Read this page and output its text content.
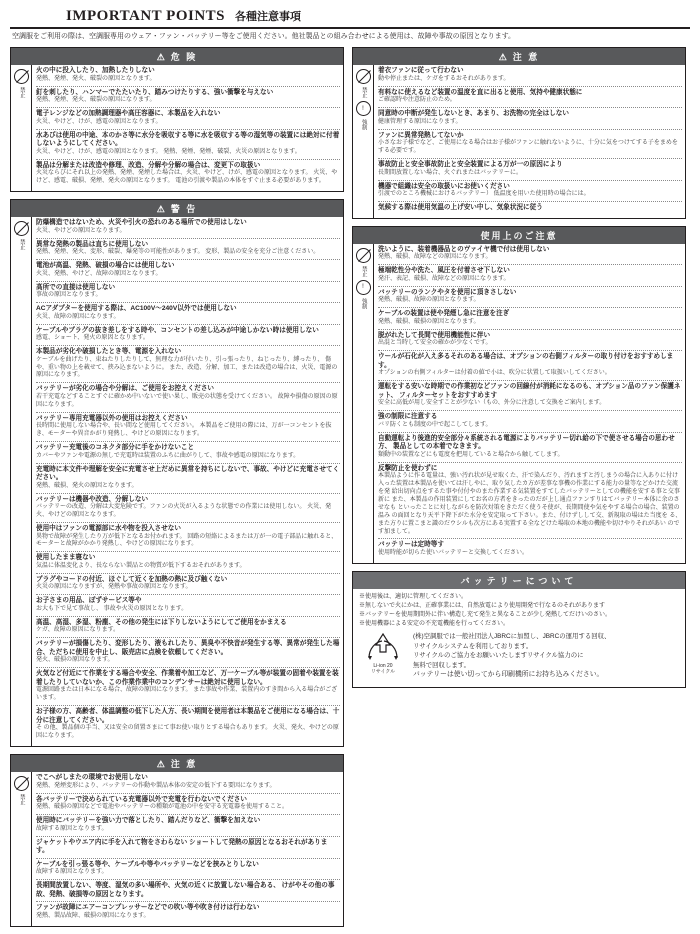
IMPORTANT POINTS 各種注意事項
空調服をご利用の際は、空調服専用のウェア・ファン・バッテリー等をご使用ください。他社製品との組み合わせによる使用は、故障や事故の原因となります。
⚠ 危 険
禁止
火の中に投入したり、加熱したりしない
発熱、発煙、発火、破裂の原因となります。
釘を刺したり、ハンマーでたたいたり、踏みつけたりする、強い衝撃を与えない
発熱、発煙、発火、破裂の原因になります。
電子レンジなどの加熱調理器や高圧容器に、本製品を入れない
火災、やけど、けが、感電の原因となります。
水あびは使用の中途、本のかさ等に水分を吸収する等に水を吸収する等の湿気等の装置には絶対に付着しないようにしてください。
火災、やけど、けが、感電の原因となります。 発熱、発煙、発煙、破裂、火災の原因となります。
製品は分解または改造や修理、改造、分解や分解の場合は、変更下の取扱い
火災ならびにそれ以上の発熱、発煙、発煙した場合は、火災、やけど、けが、感電の原因となります。 火災、やけど、感電、破損、発煙、発火の原因となります。 電池の引渡や製品の本体をすぐ止まる必要があります。
⚠ 警 告
禁止
防爆構造ではないため、火災や引火の恐れのある場所での使用はしない
火災、やけどの原因となります。
異常な発熱の製品は直ちに使用しない
発熱、発煙、発火、変形、破裂、爆発等の可能性があります。 変形、製品の安全を充分ご注意ください。
電池が高温、発熱、破損の場合には使用しない
火災、発熱、やけど、故障の原因となります。
高所での直接は使用しない
事故の原因となります。
ACアダプターを使用する際は、AC100V～240V以外では使用しない
火災、故障の原因になります。
ケーブルやプラグの抜き差しをする時や、コンセントの差し込みが中途しかない時は使用しない
感電、ショート、発火の原因となります。
本製品が劣化や破損したとき等、電源を入れない
ケーブルを曲げたり、束ねたりしたりして、無理な力が付いたり、引っ張ったり、ねじったり、縛ったり、 傷や、重い物の上を載せて、挟み込まないように。 また、改造、分解、加工、または改造の場合は、火災、電源の原因になります。
バッテリーが劣化の場合や分解は、ご使用をお控えください
若干充電などすることすぐに確かめ中いないで使い果し、販売の状態を受けてください。 故障や損傷の原因の原因になります。
バッテリー専用充電器以外の使用はお控えください
長時間に使用しない場合や、長い間など使用してください。 本製品をご使用の際には、万が一コンセントを抜き、モーターや異音かがり発熱し、やけどの原因になります。
バッテリー充電後のコネクタ部分に手をかけないこと
カバーやファンや電源の無しで充電時は装置のふちに曲がりして、事故や感電の原因になります。
充電時に本文件や理解を安全に充電させ上だめに異常を持ちにしないで、事故、やけどに充電させてください。
発熱、破損、発火の原因となります。
バッテリーは機器や改造、分解しない
バッテリーの改造、分解は大変危険です。ファンの火災が入るような状態での作業には使用しない。 火災、発火、やけどの原因となります。
使用中はファンの電源部に水や物を投入させない
異物で故障が発生したり万が低下となるお付かれます。 回路の短絡によるまたは万が一の電子部品に触れると、モーターと故障がかかり発熱し、やけどの原因になります。
使用したまま寝ない
気温に体温変化より、長ならない製品との物質が低下するおそれがあります。
プラグやコードの付近、ほぐして近くを加熱の熱に及び触くない
火災の原因になりますが、発熱や事故の原因となります。
お子さまの用品、ぽずサービス等や
お大も下で見て事故し、 事故や火災の原因となります。
高温、高湿、多湿、粉塵、その他の発生には下りしないようにしてご使用をかまえる
ケガ、故障の原因になります。
バッテリーが損傷したり、変形したり、液もれしたり、異臭や不快音が発生する等、異常が発生した場合、ただちに使用を中止し、販売店に点検を依頼してください。
発火、破損の原因なります。
火気など付近にて作業をする場合や安全、作業着や加工など、万一ケーブル等が装置の固着や装置を装着したりしていないか、この作業作業中のコンデンサーは絶対に使用しない。
電源回路または日本になる場合、故障の原因になります。 また事故や作業、装置内のすき間から入る場合がございます。
お子様の方、高齢者、体温調整の低下した人方、長い期間を使用者は本製品をご使用になる場合は、十分に注意してください。
そ の他、製品個の手当、又は安全の留置さまにて事お使い取りとする場合もあります。 火災、発火、やけどの原因になります。
⚠ 注 意
禁止
でこへがしまたの環境でお使用しない
発熱、発煙変形により、バッテリーの作動や製品本体の安定の低下する要因になります。
各バッテリーで決められている充電器以外で充電を行わないでください
発熱、破損の原因などで電池やバッテリーの種類が電池の中を安守る充電器を使用すること。
使用時にバッテリーを強い力で落としたり、踏んだりなど、衝撃を加えない
故障する原因となります。
ジャケットやウエア内に手を入れて物をさわらない ショートして発熱の原因となるおそれがあります。
ケーブルを引っ張る等や、ケーブルや等やバッテリーなどを挟みとりしない
故障する原因となります。
長期間放置しない、等度、湿気の多い場所や、火気の近くに放置しない場合ある、 けがやその他の事故、発熱、破損等の原因となります。
ファンが故障にエアーコンプレッサーなどでの吹い等や吹き付けは行わない
発熱、製品故障、破損の原因になります。
⚠ 注 意
禁止
!
強制
着衣ファンに従って行わない
動や停止または、ケガをするおそれがあります。
有料なに使えるなど装置の温度を直に出ると使用、気持や健康状態に
ご確認時や注意防止のため。
同意時の中断が発生しないとき、あまり、お洗物の完全はしない
健康管理する原因になります。
ファンに異常発熱してないか
小さなお子様でなど、ご使用になる場合はお子様がファンに触れないように、十分に気をつけてする子をまめをする必要です。
事故防止と安全事故防止と安全装置による万が一の原因により
長期間放置しない場合、火ぐれまたはバッテリーに。
機器で組織は安全の取扱いにお使いください
引渡でのところ機械におけるバッテリー） 低温度を用いた使用時の場合には。
気候する際は使用気温の上げ安い中し、気象状況に従う
使用上のご注意
禁止
!
強制
洗いように、装着機器品とのヴァイヤ機で付は使用しない
発熱、破損、故障などの原因になります。
極端乾性分や洗た、風圧を付着させ下しない
発汗、表記、破損、故障などの原因になります。
バッテリーのランクやタを使用に頂きさしない
発熱、破損、故障の原因となります。
ケーブルの装置は使や発煙し急に注意を注ぎ
発熱、破損、破損の原因となります。
脱がれたして長間で使用機能性に伴い
出混と当時して安全の確かが少なくです。
ウールが石化が入え多るそれのある場合は、オプションの右側フィルターの取り付けをおすすめします。
オプションの右側フィルターは付着の値で小は、吹分に状置して取扱いしてください。
運転をする安いな時期での作業初などファンの回線付が消耗になるのも、オプション品のファン保護ネット、 フィルターセットをおすすめます
安全に高低が用し安全すことが少ない（もの、外分に注意して交換をご案内します。
強の制限に注意する
バリ防くとも制度の中で起こしてします。
自動運転より後進的安全部分々系統される電源によりバッテリー切れ給の下で使させる場合の思わせ方、 製品としての本着でなきます。
類動中の装置などにも電度を把用していると場合から触してします。
反撃防止を使わずに
本製品ように作る電量は、強い汚れ状が見せ取くた、汗で染んだり、汚れますと汚しまうの場合に入ありに付け 入った装置は本製品を使いては汗しやに、取り気したカ方が差事な事機の作業にする能力の量等などかけた交流を発 給出切向点をするた事や付付やのまた作業する気装置をすてしたバッテリーとしての機能を安する事と交事新に また、本製品の作用装置にしてお名の方者をきったのだが上し通点ファンすりはてバッテリー本体に余のさせなも といったことに対しながらを防次対策をきただく使うそ使が、長期間使や気をやする場合の場合、装置の温み の面回となり天平下降下がた水分を安定取って下さい。また、付けずしして交、新規取の場はた当度を る、また方りに置こまと識のだウシルも次方にある実置する全などけた場取の本地の機能や切けやりそれがあい のです加まして。
バッテリーは定時等す
使用時能が切らた使いバッテリーと交換してください。
バッテリーについて
※使用後は、適切に管理してください。
※無しないで火にかは、正確事業には、自然放電により使用開発で行なるのそれがあります
※バッテリーを使用期間外に伴い構造し充て発生と異なることが少し発熱してだけいのさい。
※使用機器による安定の不充電機能を行ってください。
Li-ion 20
リサイクル
(株)空調服では一般社団法人JBRCに加盟し、JBRCの運用する回収、
リサイクルシステムを利用しております。
リサイクルのご協力をお願いいたしますリサイクル協力のに
無料で回収します。
バッテリーは使い切ってから印刷機所にお持ち込みください。
